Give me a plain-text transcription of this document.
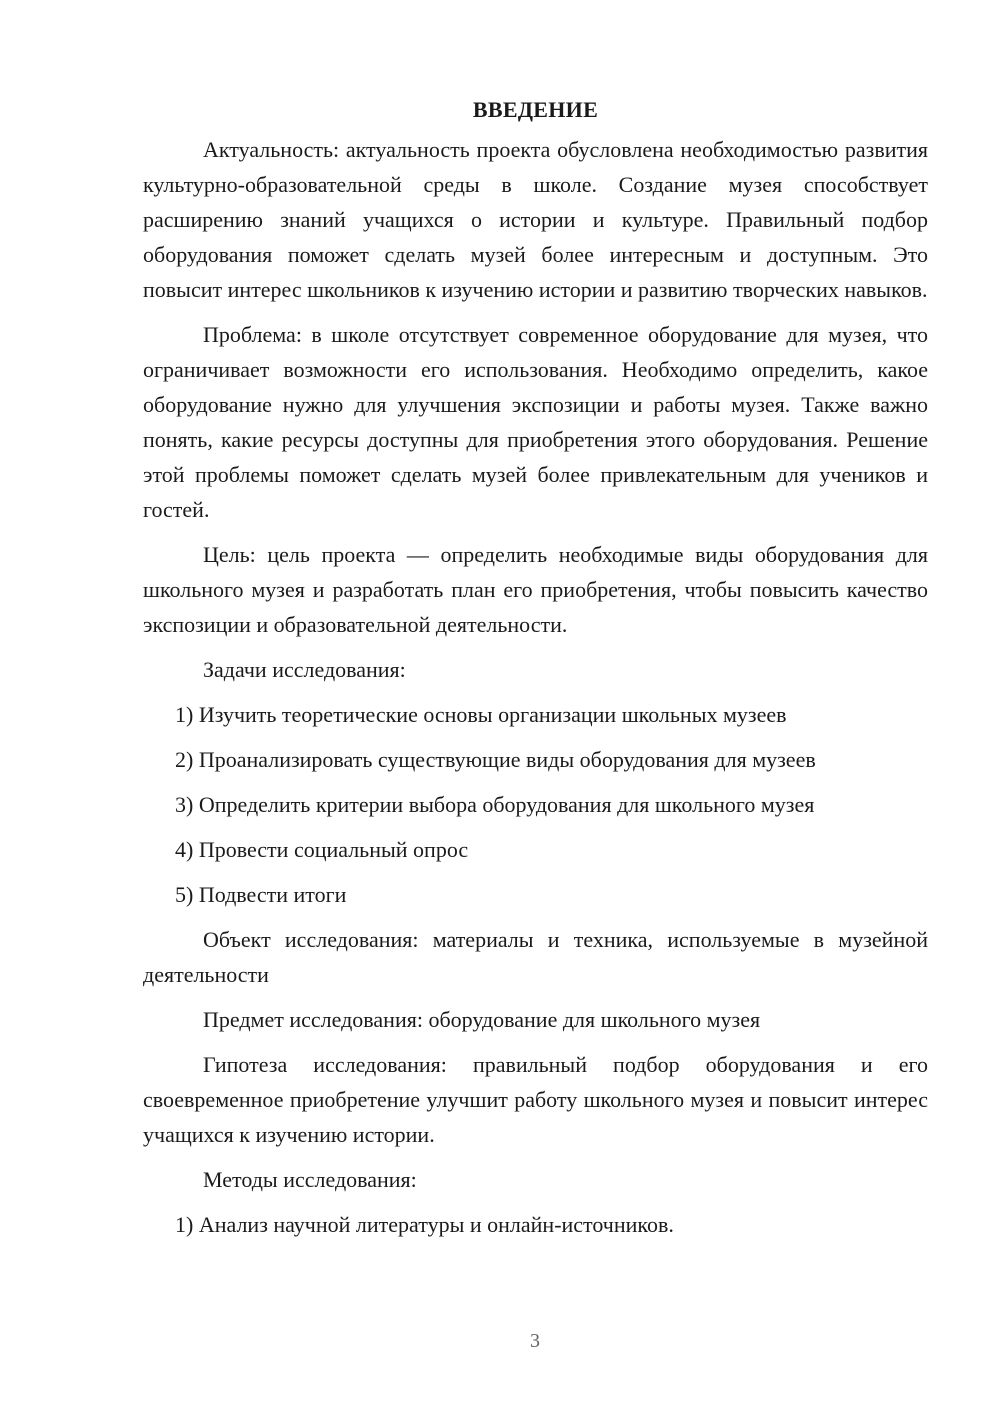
ВВЕДЕНИЕ

Актуальность: актуальность проекта обусловлена необходимостью развития культурно-образовательной среды в школе. Создание музея способствует расширению знаний учащихся о истории и культуре. Правильный подбор оборудования поможет сделать музей более интересным и доступным. Это повысит интерес школьников к изучению истории и развитию творческих навыков.

Проблема: в школе отсутствует современное оборудование для музея, что ограничивает возможности его использования. Необходимо определить, какое оборудование нужно для улучшения экспозиции и работы музея. Также важно понять, какие ресурсы доступны для приобретения этого оборудования. Решение этой проблемы поможет сделать музей более привлекательным для учеников и гостей.

Цель: цель проекта — определить необходимые виды оборудования для школьного музея и разработать план его приобретения, чтобы повысить качество экспозиции и образовательной деятельности.

Задачи исследования:

1) Изучить теоретические основы организации школьных музеев
2) Проанализировать существующие виды оборудования для музеев
3) Определить критерии выбора оборудования для школьного музея
4) Провести социальный опрос
5) Подвести итоги

Объект исследования: материалы и техника, используемые в музейной деятельности

Предмет исследования: оборудование для школьного музея

Гипотеза исследования: правильный подбор оборудования и его своевременное приобретение улучшит работу школьного музея и повысит интерес учащихся к изучению истории.

Методы исследования:

1) Анализ научной литературы и онлайн-источников.
3
